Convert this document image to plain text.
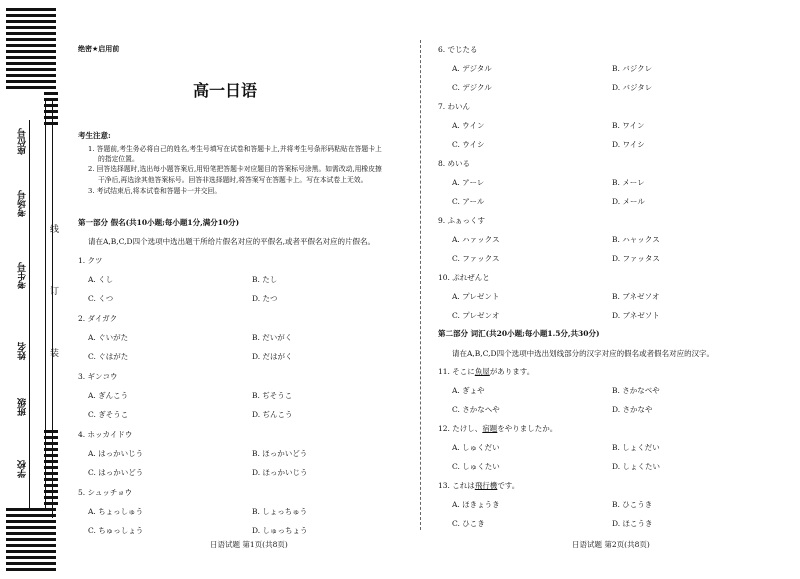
座位号
考场号
考生号
姓名
班级
学校
线
订
装
绝密★启用前
高一日语
考生注意:
1. 答题前,考生务必将自己的姓名,考生号填写在试卷和答题卡上,并将考生号条形码粘贴在答题卡上
的指定位置。
2. 回答选择题时,选出每小题答案后,用铅笔把答题卡对应题目的答案标号涂黑。如需改动,用橡皮擦
干净后,再选涂其他答案标号。回答非选择题时,将答案写在答题卡上。写在本试卷上无效。
3. 考试结束后,将本试卷和答题卡一并交回。
第一部分 假名(共10小题;每小题1分,满分10分)
请在A,B,C,D四个选项中选出题干所给片假名对应的平假名,或者平假名对应的片假名。
1. クツ
A. くし	B. たし
C. くつ	D. たつ
2. ダイガク
A. ぐいがた	B. だいがく
C. ぐはがた	D. だはがく
3. ギンコウ
A. ぎんこう	B. ぢそうこ
C. ぎそうこ	D. ぢんこう
4. ホッカイドウ
A. はっかいじう	B. ほっかいどう
C. はっかいどう	D. ほっかいじう
5. シュッチョウ
A. ちょっしゅう	B. しょっちゅう
C. ちゅっしょう	D. しゅっちょう
6. でじたる
A. デジタル	B. バジクレ
C. デジクル	D. バジタレ
7. わいん
A. ウイン	B. ワイン
C. ウイシ	D. ワイシ
8. めいる
A. アーレ	B. メーレ
C. アール	D. メール
9. ふぁっくす
A. ハァックス	B. ハャックス
C. ファックス	D. ファッタス
10. ぷれぜんと
A. プレゼント	B. ブネゼソオ
C. プレゼンオ	D. ブネゼソト
第二部分 词汇(共20小题;每小题1.5分,共30分)
请在A,B,C,D四个选项中选出划线部分的汉字对应的假名或者假名对应的汉字。
11. そこに魚屋があります。
A. ぎょや	B. さかなべや
C. さかなへや	D. さかなや
12. たけし、宿題をやりましたか。
A. しゅくだい	B. しょくだい
C. しゅくたい	D. しょくたい
13. これは飛行機です。
A. ほきょうき	B. ひこうき
C. ひこき	D. ほこうき
日语试题 第1页(共8页)	日语试题 第2页(共8页)
